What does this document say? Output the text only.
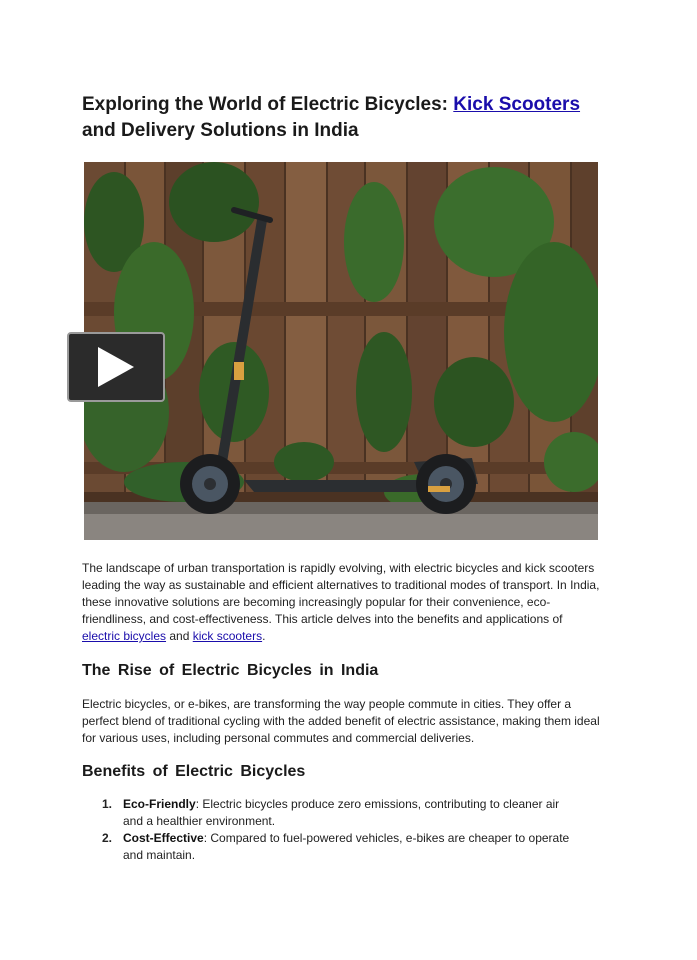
Exploring the World of Electric Bicycles: Kick Scooters
and Delivery Solutions in India

The landscape of urban transportation is rapidly evolving, with electric bicycles and kick scooters leading the way as sustainable and efficient alternatives to traditional modes of transport. In India, these innovative solutions are becoming increasingly popular for their convenience, eco-friendliness, and cost-effectiveness. This article delves into the benefits and applications of electric bicycles and kick scooters.

The Rise of Electric Bicycles in India

Electric bicycles, or e-bikes, are transforming the way people commute in cities. They offer a perfect blend of traditional cycling with the added benefit of electric assistance, making them ideal for various uses, including personal commutes and commercial deliveries.

Benefits of Electric Bicycles
1. Eco-Friendly: Electric bicycles produce zero emissions, contributing to cleaner air and a healthier environment.
2. Cost-Effective: Compared to fuel-powered vehicles, e-bikes are cheaper to operate and maintain.
